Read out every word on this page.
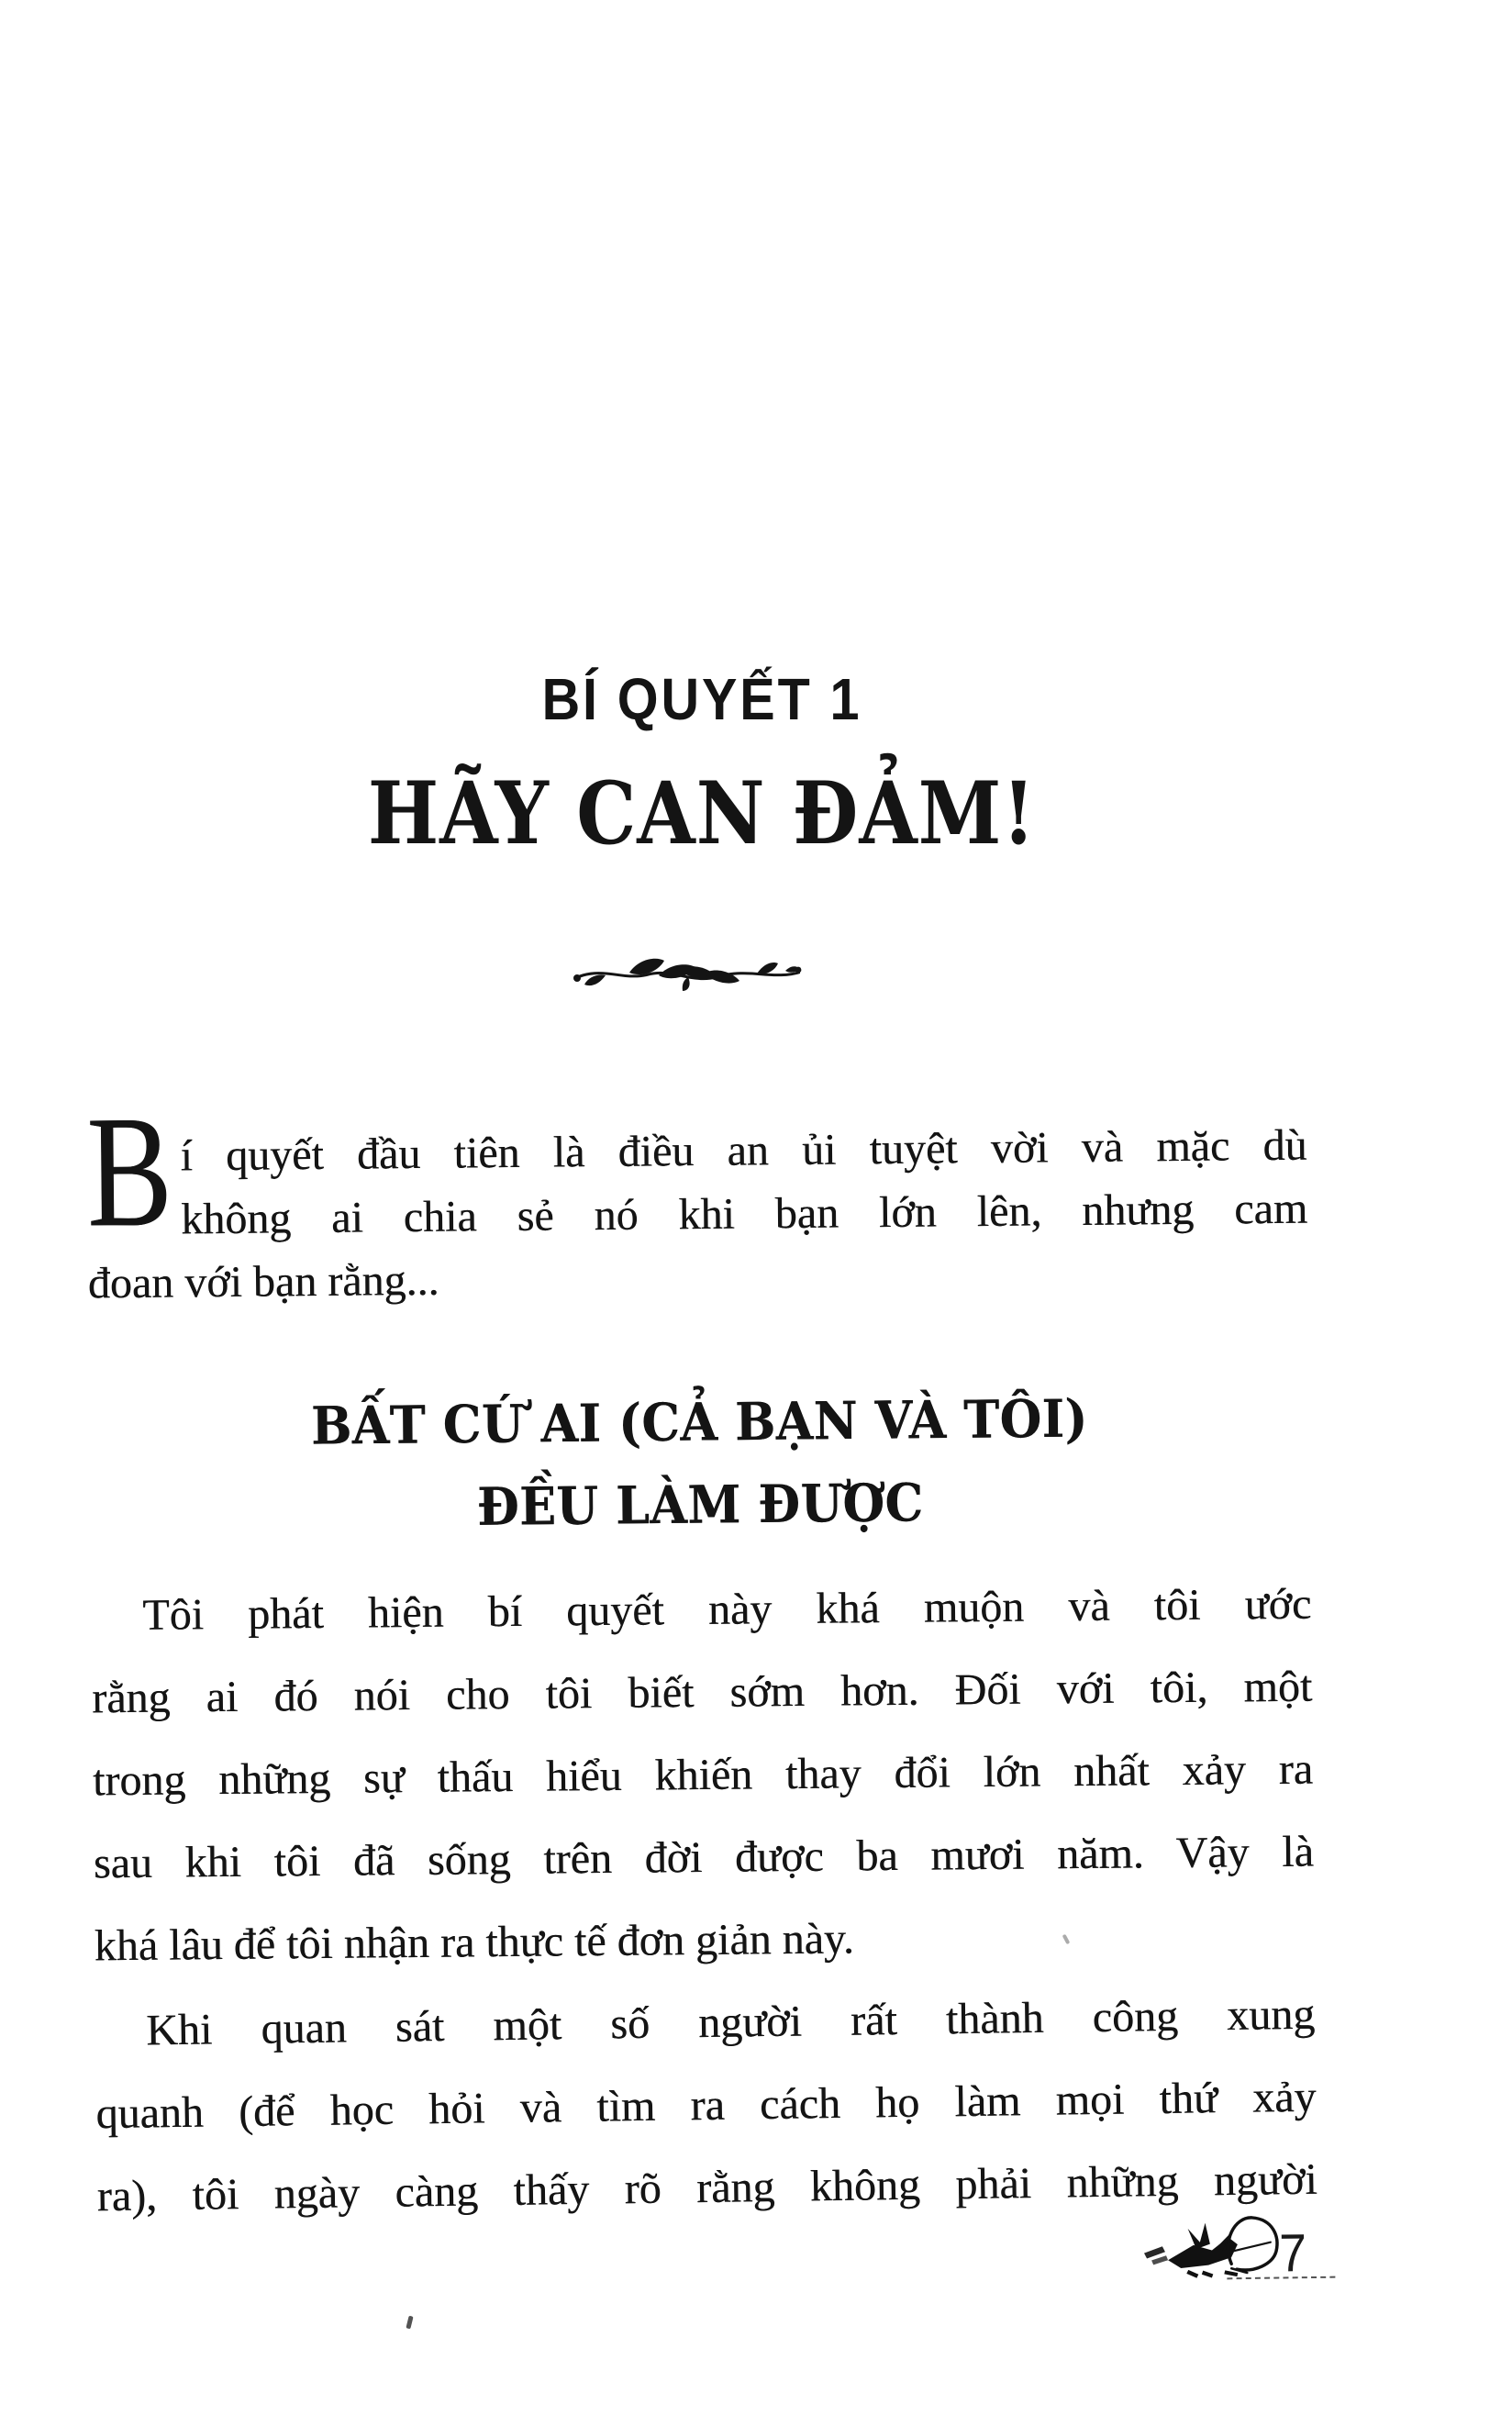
BÍ QUYẾT 1
HÃY CAN ĐẢM!
B í quyết đầu tiên là điều an ủi tuyệt vời và mặc dù
không ai chia sẻ nó khi bạn lớn lên, nhưng cam
đoan với bạn rằng...
BẤT CỨ AI (CẢ BẠN VÀ TÔI)
ĐỀU LÀM ĐƯỢC
Tôi phát hiện bí quyết này khá muộn và tôi ước
rằng ai đó nói cho tôi biết sớm hơn. Đối với tôi, một
trong những sự thấu hiểu khiến thay đổi lớn nhất xảy ra
sau khi tôi đã sống trên đời được ba mươi năm. Vậy là
khá lâu để tôi nhận ra thực tế đơn giản này.
Khi quan sát một số người rất thành công xung
quanh (để học hỏi và tìm ra cách họ làm mọi thứ xảy
ra), tôi ngày càng thấy rõ rằng không phải những người
7
